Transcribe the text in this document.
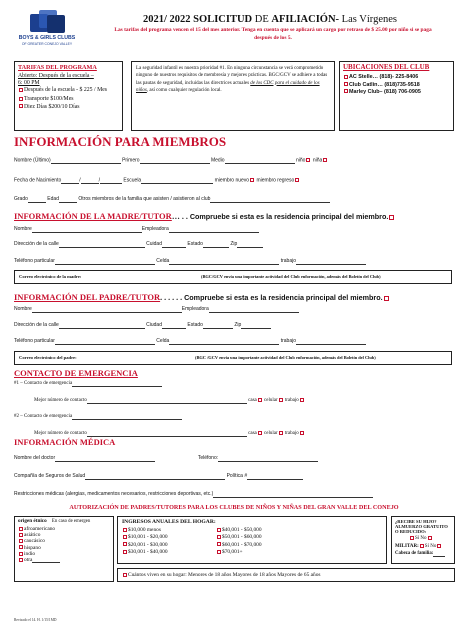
BOYS & GIRLS CLUBS
OF GREATER CONEJO VALLEY
2021/ 2022 SOLICITUD DE AFILIACIÓN- Las Vírgenes
Las tarifas del programa vencen el 15 del mes anterior. Tenga en cuenta que se aplicará un cargo por retraso de $ 25.00 por niño si se paga después de los 5.
TARIFAS DEL PROGRAMA
Abierto: Después de la escuela –
6: 00 PM
Después de la escuela - $ 225 / Mes
Transporte $100/Mes
Diez Días $200/10 Días
La seguridad infantil es nuestra prioridad #1. En ninguna circunstancia se verá comprometido ninguno de nuestros requisitos de membresía y mejores prácticas. BGC/GCV se adhiere a todas las pautas de seguridad, incluidas las directrices actuales de los CDC para el cuidado de los niños, así como cualquier regulación local.
UBICACIONES DEL CLUB
AC Stelle… (818)- 225-8406
Club Catlin… (818)735-9518
Marley Club– (818) 706-0905
INFORMACIÓN PARA MIEMBROS
Nombre (Último)	Primero	Medio	niño niña
Fecha de Nacimiento	/	/	Escuela	miembro nuevo miembro regreso
Grado	Edad	Otros miembros de la familia que asisten / asistieron al club
INFORMACIÓN DE LA MADRE/TUTOR… . . Compruebe si esta es la residencia principal del miembro.
Nombre	Empleadora
Dirección de la calle	Cuidad	Estado	Zip
Teléfono particular	Celda	trabajo
Correo electrónico de la madre:	(BGC/GCV envía una importante actividad del Club enformación, además del Boletín del Club)
INFORMACIÓN DEL PADRE/TUTOR. . . . . . Compruebe si esta es la residencia principal del miembro.
Nombre	Empleadora
Dirección de la calle	Ciudad	Estado	Zip
Teléfono particular	Celda	trabajo
Correo electrónico del padre:	(BGC /GCV envía una importante actividad del Club enformación, además del Boletín del Club)
CONTACTO DE EMERGENCIA
#1 – Contacto de emergencia
Mejor número de contacto	casa celular trabajo
#2 – Contacto de emergencia
Mejor número de contacto	casa celular trabajo
INFORMACIÓN MÉDICA
Nombre del doctor	Teléfono:
Compañía de Seguros de Salud	Política #
Restricciones médicas (alergias, medicamentos necesarios, restricciones deportivas, etc.)
AUTORIZACIÓN DE PADRES/TUTORES PARA LOS CLUBES DE NIÑOS Y NIÑAS DEL GRAN VALLE DEL CONEJO
origen étnico En caso de emergen
afroamericano
asiático
caucásico
hispano
indio
otra
INGRESOS ANUALES DEL HOGAR:
$10,000 menos
$10,001 - $20,000
$20,001 - $30,000
$30,001 - $40,000
$40,001 - $50,000
$50,001 - $60,000
$60,001 - $70,000
$70,001+
Cuántos viven en su hogar: Menores de 18 años Mayores de 18 años Mayores de 65 años
¿RECIBE SU HIJO?
ALMUERZO GRATUITO O REDUCIDO:
Sí No
MILITAR: Sí No
Cabeza de familia:
Revisado el 14. H. 1/15/1MD
